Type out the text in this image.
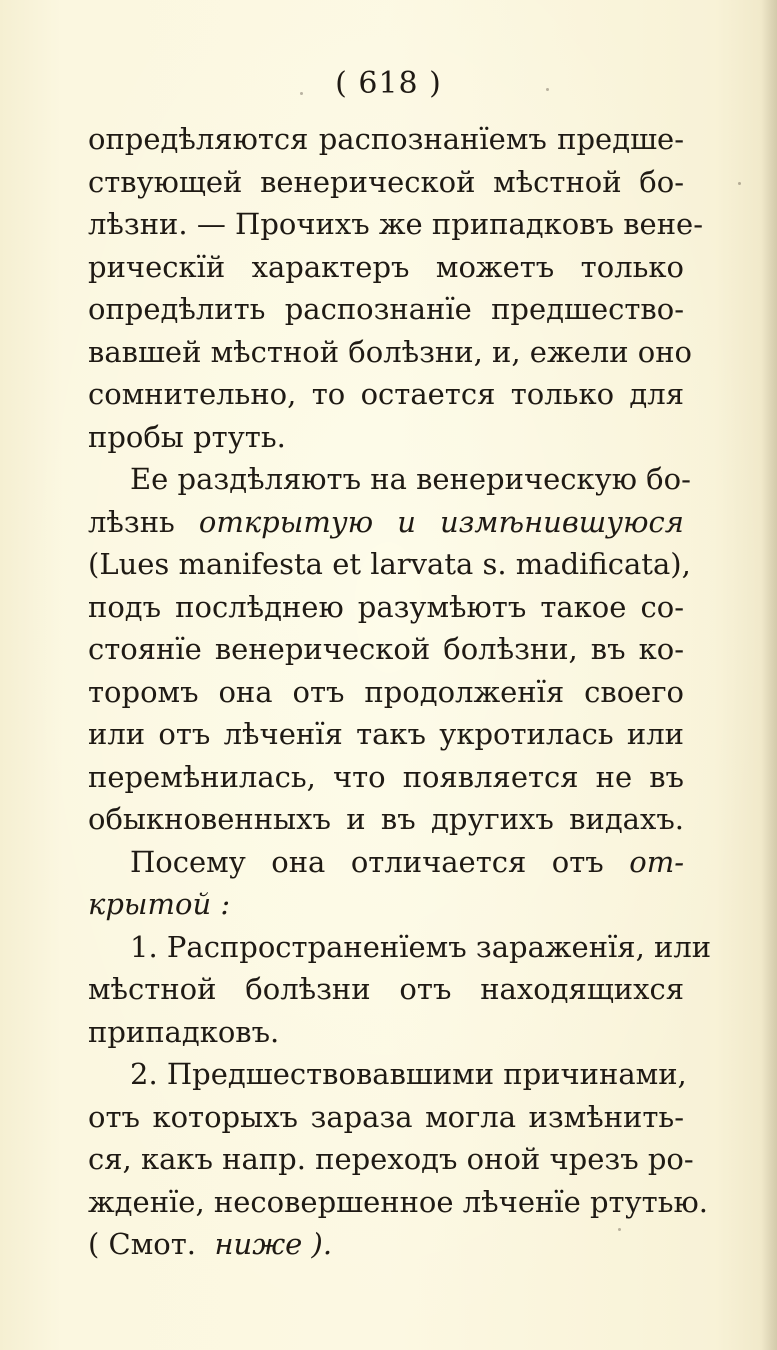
( 618 )
опредѣляются распознанїемъ предше-
ствующей венерической мѣстной бо-
лѣзни. — Прочихъ же припадковъ вене-
рическїй характеръ можетъ только
опредѣлить распознанїе предшество-
вавшей мѣстной болѣзни, и, ежели оно
сомнительно, то остается только для
пробы ртуть.
Ее раздѣляютъ на венерическую бо-
лѣзнь открытую и измѣнившуюся
(Lues manifesta et larvata s. madificata),
подъ послѣднею разумѣютъ такое со-
стоянїе венерической болѣзни, въ ко-
торомъ она отъ продолженїя своего
или отъ лѣченїя такъ укротилась или
перемѣнилась, что появляется не въ
обыкновенныхъ и въ другихъ видахъ.
Посему она отличается отъ от-
крытой :
1. Распространенїемъ зараженїя, или
мѣстной болѣзни отъ находящихся
припадковъ.
2. Предшествовавшими причинами,
отъ которыхъ зараза могла измѣнить-
ся, какъ напр. переходъ оной чрезъ ро-
жденїе, несовершенное лѣченїе ртутью.
( Смот. ниже ).
